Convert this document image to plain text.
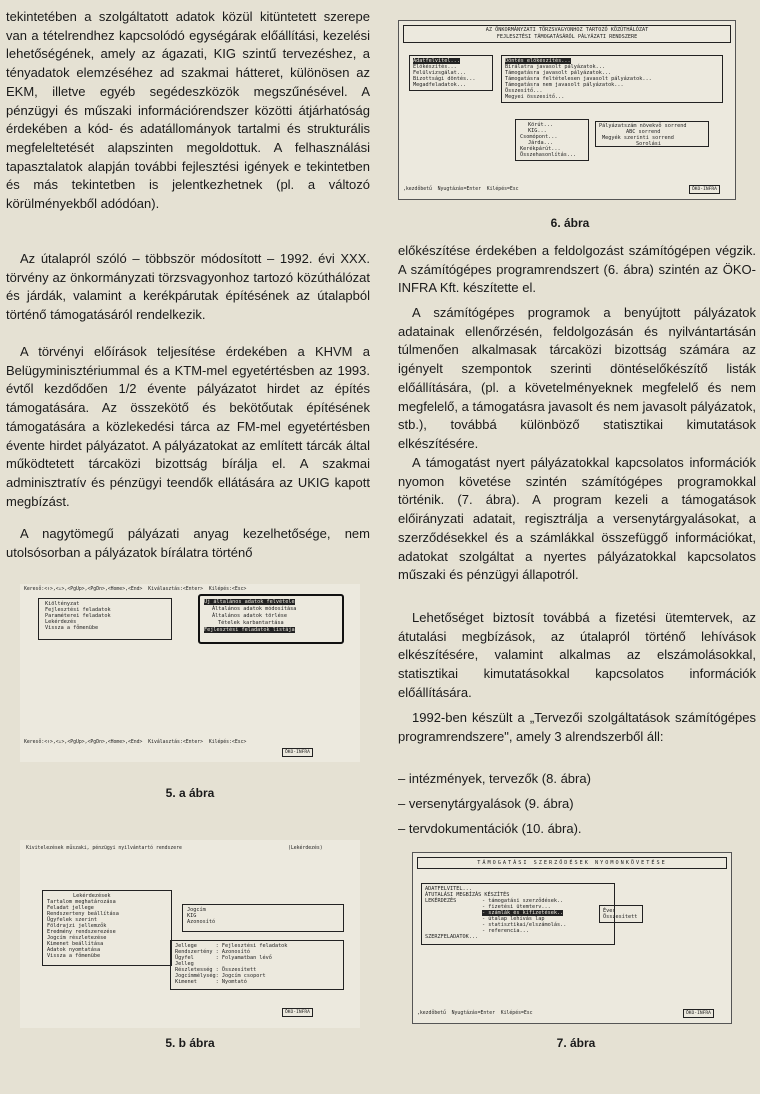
tekintetében a szolgáltatott adatok közül kitüntetett szerepe van a tételrendhez kapcsolódó egységárak előállítási, kezelési lehetőségének, amely az ágazati, KIG szintű tervezéshez, a tényadatok elemzéséhez ad szakmai hátteret, különösen az EKM, illetve egyéb segédeszközök megszűnésével. A pénzügyi és műszaki információrendszer közötti átjárhatóság érdekében a kód- és adatállományok tartalmi és strukturális megfeleltetését alapszinten megoldottuk. A felhasználási tapasztalatok alapján további fejlesztési igények e tekintetben és más tekintetben is jelentkezhetnek (pl. a változó körülményekből adódóan).

Az útalapról szóló – többször módosított – 1992. évi XXX. törvény az önkormányzati törzsvagyonhoz tartozó közúthálózat és járdák, valamint a kerékpárutak építésének az útalapból történő támogatásáról rendelkezik.

A törvényi előírások teljesítése érdekében a KHVM a Belügyminisztériummal és a KTM-mel egyetértésben az 1993. évtől kezdődően 1/2 évente pályázatot hirdet az építés támogatására. Az összekötő és bekötőutak építésének támogatására a közlekedési tárca az FM-mel egyetértésben évente hirdet pályázatot. A pályázatokat az említett tárcák által működtetett tárcaközi bizottság bírálja el. A szakmai adminisztratív és pénzügyi teendők ellátására az UKIG kapott megbízást.

A nagytömegű pályázati anyag kezelhetősége, nem utolsósorban a pályázatok bírálatra történő

Kereső:<↑>,<↓>,<PgUp>,<PgDn>,<Home>,<End>  Kiválasztás:<Enter>  Kilépés:<Esc>
Kiöltényzat
Fejlesztési feladatok
Paraméterei feladatok
Lekérdezés
Vissza a főmenübe
Új általános adatok felvétele
Általános adatok módosítása
Általános adatok törlése
Tételek karbantartása
Fejlesztési feladatok listája
Kereső:<↑>,<↓>,<PgUp>,<PgDn>,<Home>,<End>  Kiválasztás:<Enter>  Kilépés:<Esc>
ÖKO-INFRA
5. a ábra
Kivitelezések műszaki, pénzügyi nyilvántartó rendszere	(Lekérdezés)
Lekérdezések
Tartalom meghatározása
Feladat jellege
Rendszerteny beállítása
Ügyfelek szerint
Földrajzi jellemzők
Eredmény rendszerezése
Jogcím részletezése
Kimenet beállítása
Adatok nyomtatása
Vissza a főmenübe
Jogcím
KIG
Azonosító
Jellege      : Fejlesztési feladatok
Rendszertény : Azonosító
Ügyfel       : Folyamatban lévő
Jelleg
Részletesség : Összesített
Jogcímmélység: Jogcím csoport
Kimenet      : Nyomtató
ÖKO-INFRA
5. b ábra
AZ ÖNKORMÁNYZATI TÖRZSVAGYONHOZ TARTOZÓ KÖZÚTHÁLÓZAT
FEJLESZTÉSI TÁMOGATÁSÁRÓL PÁLYÁZATI RENDSZERE
Adatfelvitel...
Előkészítés...
Felülvizsgálat...
Bizottsági döntés...
Megadfeladatok...
Döntés előkészítés...
Bírálatra javasolt pályázatok...
Támogatásra javasolt pályázatok...
Támogatásra feltételesen javasolt pályázatok...
Támogatásra nem javasolt pályázatok...
Összesítő...
Megyei összesítő...
Körút...
KIG...
Csomópont...
Járda...
Kerékpárút...
Összehasonlítás...
Pályázatszám növekvő sorrend
ABC sorrend
Megyék szerinti sorrend
Sorolási
,kezdőbetű  Nyugtázás=Enter  Kilépés=Esc	ÖKO-INFRA
6. ábra

előkészítése érdekében a feldolgozást számítógépen végzik. A számítógépes programrendszert (6. ábra) szintén az ÖKO-INFRA Kft. készítette el.

A számítógépes programok a benyújtott pályázatok adatainak ellenőrzésén, feldolgozásán és nyilvántartásán túlmenően alkalmasak tárcaközi bizottság számára az igényelt szempontok szerinti döntéselőkészítő listák előállítására, (pl. a követelményeknek megfelelő és nem megfelelő, a támogatásra javasolt és nem javasolt pályázatok, stb.), továbbá különböző statisztikai kimutatások elkészítésére.

A támogatást nyert pályázatokkal kapcsolatos információk nyomon követése szintén számítógépes programokkal történik. (7. ábra). A program kezeli a támogatások előirányzati adatait, regisztrálja a versenytárgyalásokat, a szerződésekkel és a számlákkal összefüggő információkat, adatokat szolgáltat a nyertes pályázatokkal kapcsolatos műszaki és pénzügyi állapotról.

Lehetőséget biztosít továbbá a fizetési ütemtervek, az átutalási megbízások, az útalapról történő lehívások elkészítésére, valamint alkalmas az elszámolásokkal, statisztikai kimutatásokkal kapcsolatos információk előállítására.

1992-ben készült a „Tervezői szolgáltatások számítógépes programrendszere", amely 3 alrendszerből áll:

– intézmények, tervezők (8. ábra)

– versenytárgyalások (9. ábra)

– tervdokumentációk (10. ábra).

TÁMOGATÁSI SZERZŐDÉSEK NYOMONKÖVETÉSE
ADATFELVITEL...
ÁTUTALÁSI MEGBÍZÁS KÉSZÍTÉS
LEKÉRDEZÉS
SZERZFELADATOK...
- támogatási szerződések..
- fizetési ütemterv...
- számlák és kifizetések..
- útalap lehívás lap
- statisztikai/elszámolás..
- referencia...
Éves
Összesített
,kezdőbetű  Nyugtázás=Enter  Kilépés=Esc	ÖKO-INFRA
7. ábra
